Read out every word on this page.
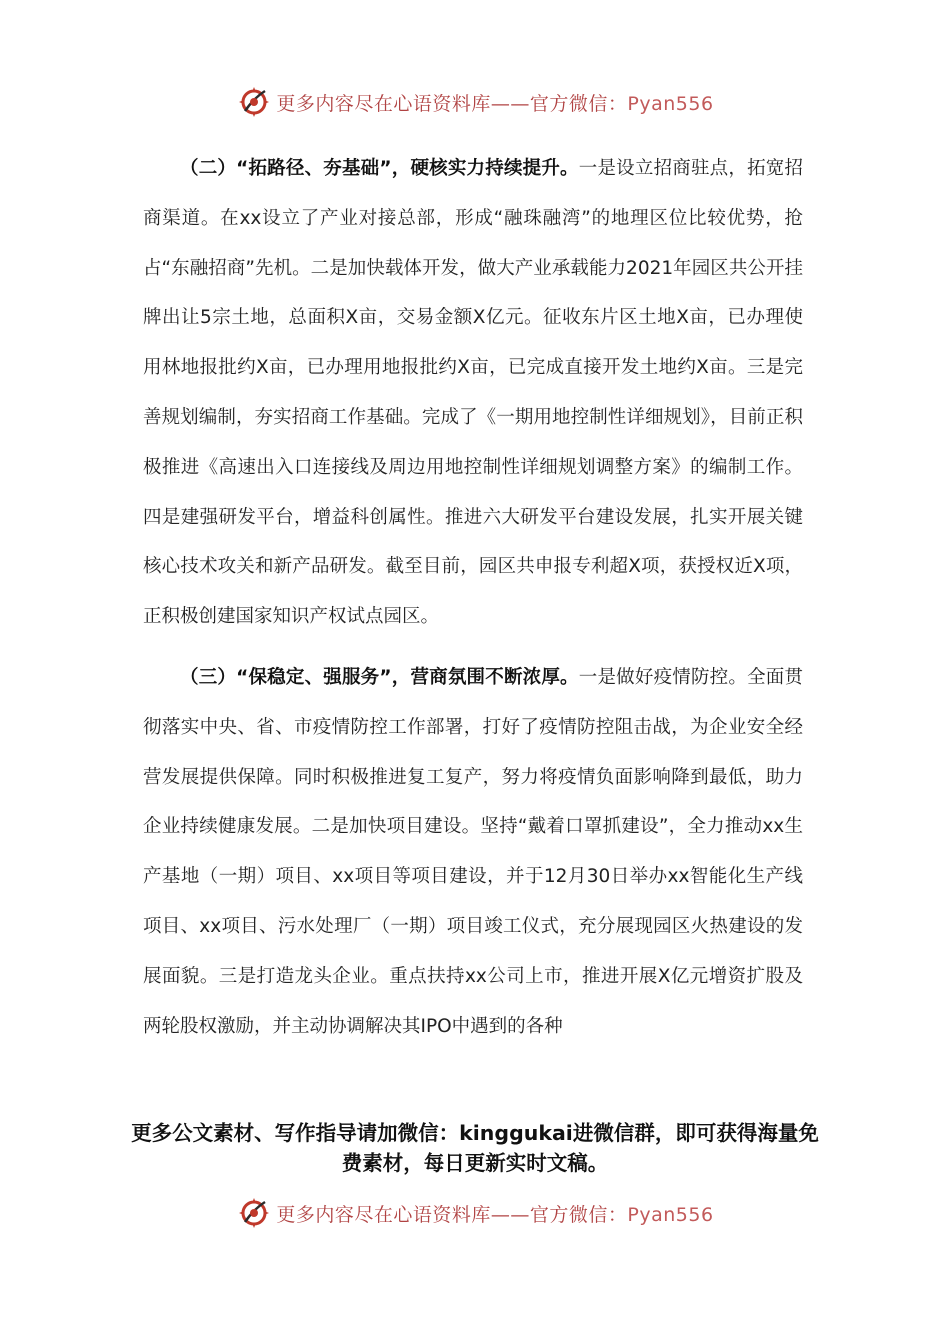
更多内容尽在心语资料库——官方微信：Pyan556

（二）“拓路径、夯基础”，硬核实力持续提升。一是设立招商驻点，拓宽招商渠道。在xx设立了产业对接总部，形成“融珠融湾”的地理区位比较优势，抢占“东融招商”先机。二是加快载体开发，做大产业承载能力2021年园区共公开挂牌出让5宗土地，总面积X亩，交易金额X亿元。征收东片区土地X亩，已办理使用林地报批约X亩，已办理用地报批约X亩，已完成直接开发土地约X亩。三是完善规划编制，夯实招商工作基础。完成了《一期用地控制性详细规划》，目前正积极推进《高速出入口连接线及周边用地控制性详细规划调整方案》的编制工作。四是建强研发平台，增益科创属性。推进六大研发平台建设发展，扎实开展关键核心技术攻关和新产品研发。截至目前，园区共申报专利超X项，获授权近X项，正积极创建国家知识产权试点园区。

（三）“保稳定、强服务”，营商氛围不断浓厚。一是做好疫情防控。全面贯彻落实中央、省、市疫情防控工作部署，打好了疫情防控阻击战，为企业安全经营发展提供保障。同时积极推进复工复产，努力将疫情负面影响降到最低，助力企业持续健康发展。二是加快项目建设。坚持“戴着口罩抓建设”，全力推动xx生产基地（一期）项目、xx项目等项目建设，并于12月30日举办xx智能化生产线项目、xx项目、污水处理厂（一期）项目竣工仪式，充分展现园区火热建设的发展面貌。三是打造龙头企业。重点扶持xx公司上市，推进开展X亿元增资扩股及两轮股权激励，并主动协调解决其IPO中遇到的各种

更多公文素材、写作指导请加微信：kinggukai进微信群，即可获得海量免费素材，每日更新实时文稿。
更多内容尽在心语资料库——官方微信：Pyan556
